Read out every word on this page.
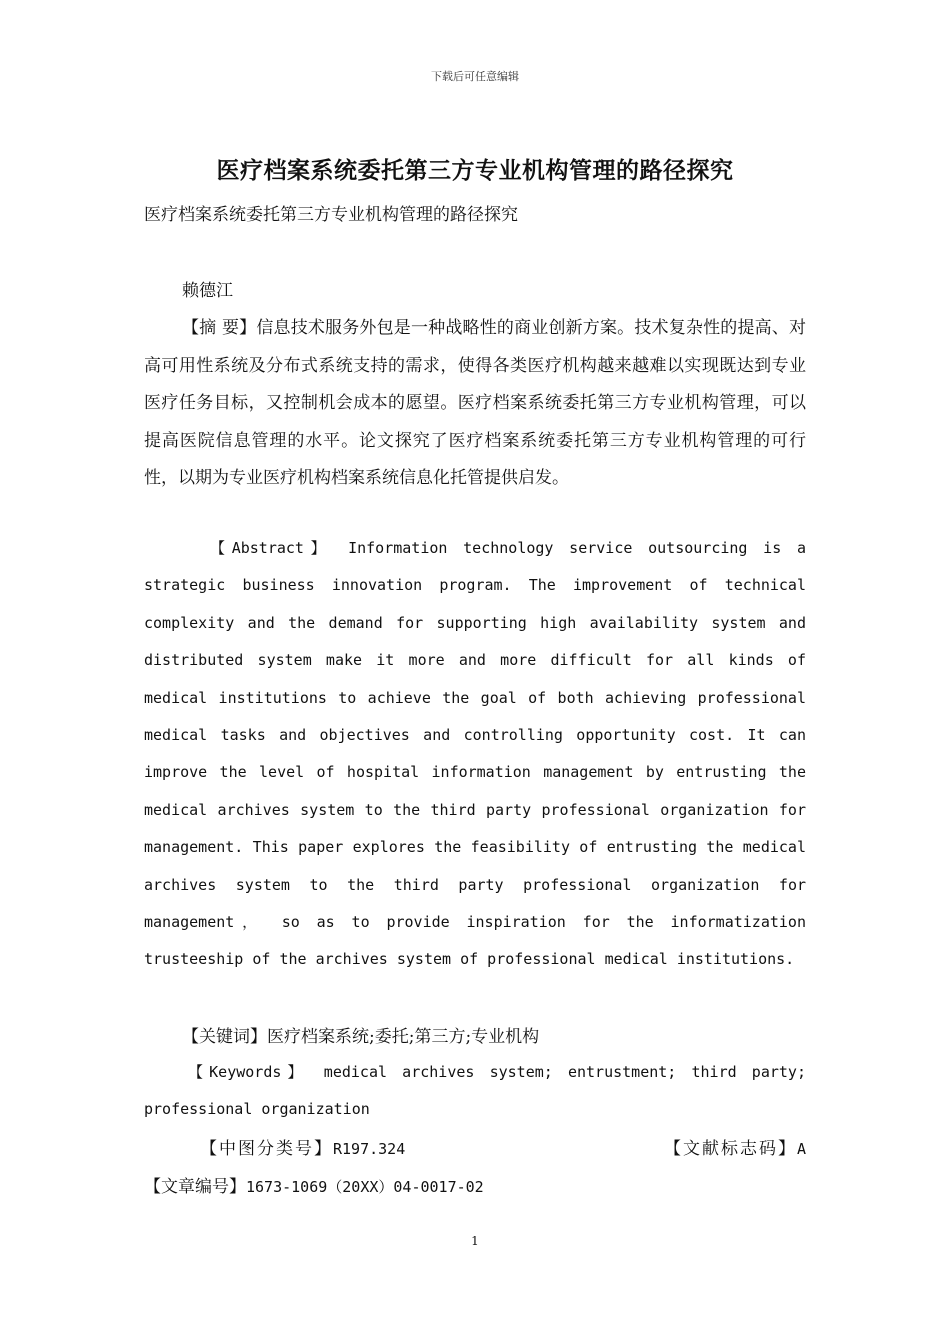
下载后可任意编辑
医疗档案系统委托第三方专业机构管理的路径探究
医疗档案系统委托第三方专业机构管理的路径探究
赖德江

【摘 要】信息技术服务外包是一种战略性的商业创新方案。技术复杂性的提高、对高可用性系统及分布式系统支持的需求，使得各类医疗机构越来越难以实现既达到专业医疗任务目标，又控制机会成本的愿望。医疗档案系统委托第三方专业机构管理，可以提高医院信息管理的水平。论文探究了医疗档案系统委托第三方专业机构管理的可行性，以期为专业医疗机构档案系统信息化托管提供启发。

【Abstract】 Information technology service outsourcing is a strategic business innovation program. The improvement of technical complexity and the demand for supporting high availability system and distributed system make it more and more difficult for all kinds of medical institutions to achieve the goal of both achieving professional medical tasks and objectives and controlling opportunity cost. It can improve the level of hospital information management by entrusting the medical archives system to the third party professional organization for management. This paper explores the feasibility of entrusting the medical archives system to the third party professional organization for management， so as to provide inspiration for the informatization trusteeship of the archives system of professional medical institutions.

【关键词】医疗档案系统;委托;第三方;专业机构

【Keywords】 medical archives system; entrustment; third party; professional organization

【中图分类号】R197.324	【文献标志码】A
【文章编号】1673-1069（20XX）04-0017-02
1
